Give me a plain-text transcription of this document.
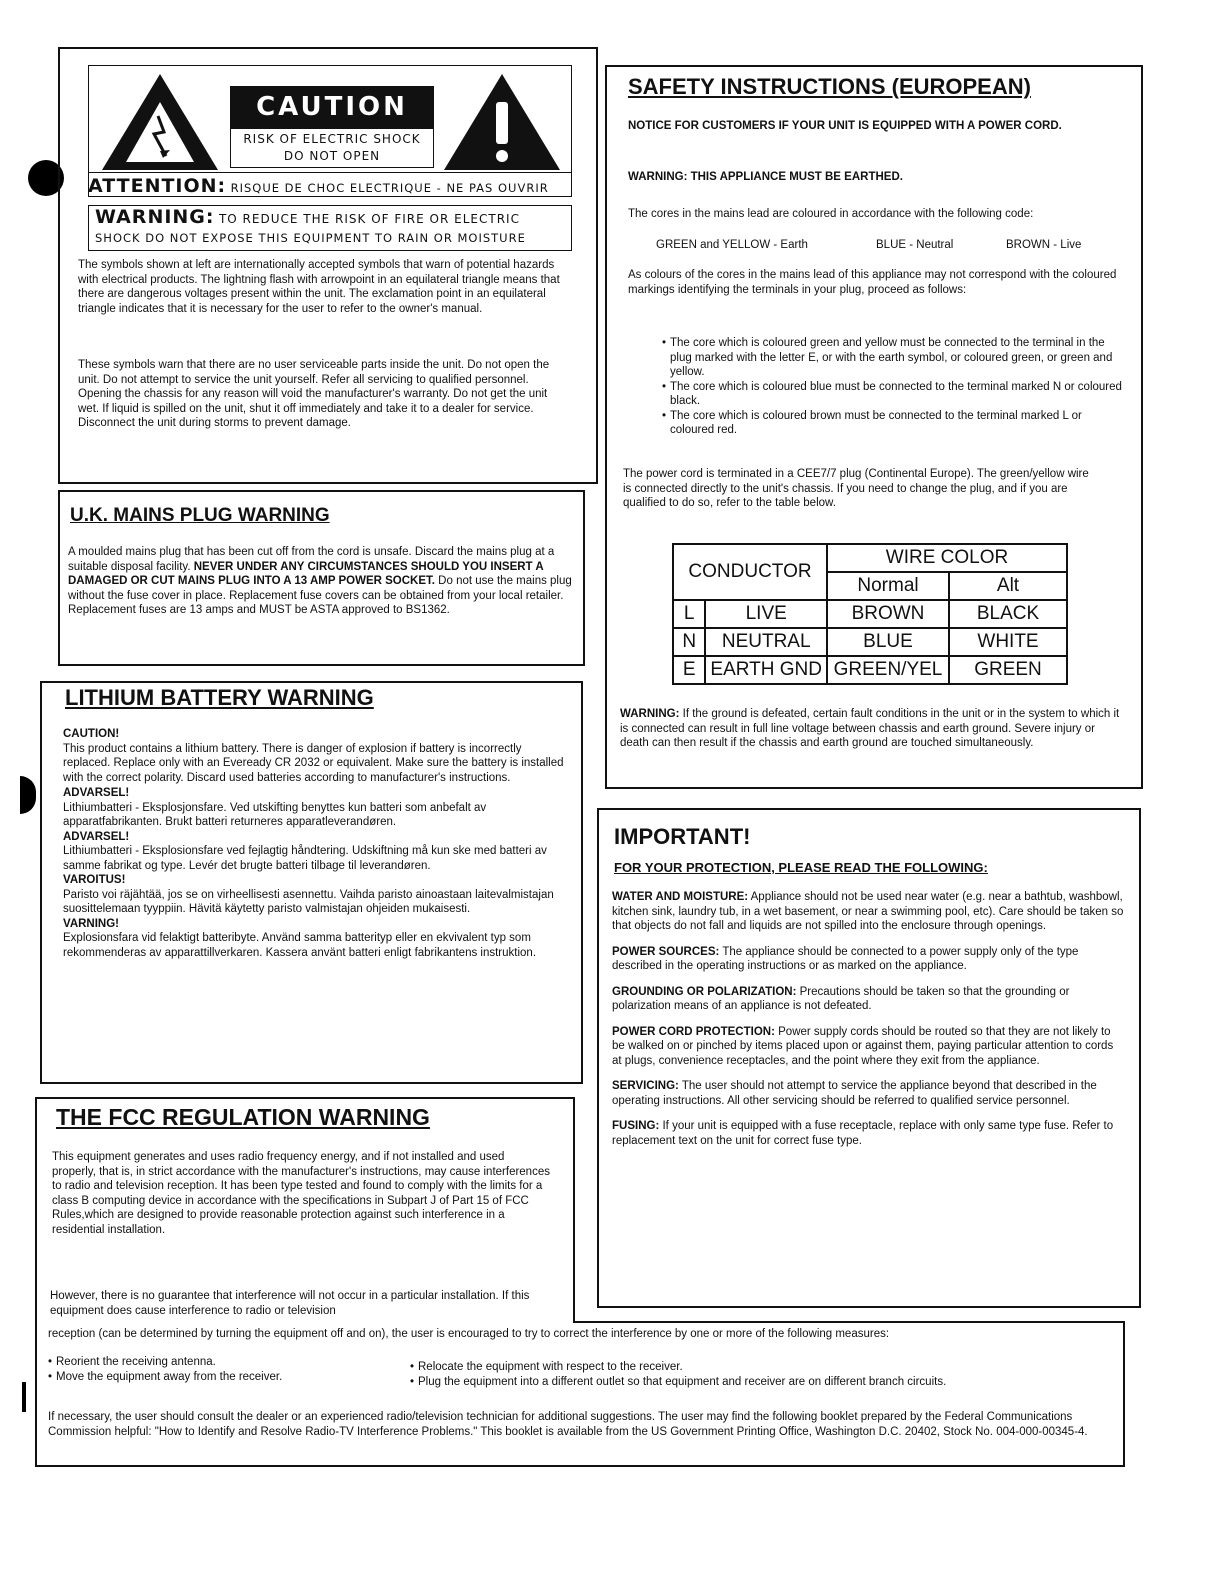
CAUTION
RISK OF ELECTRIC SHOCK
DO NOT OPEN
ATTENTION: RISQUE DE CHOC ELECTRIQUE - NE PAS OUVRIR
WARNING: TO REDUCE THE RISK OF FIRE OR ELECTRIC
SHOCK DO NOT EXPOSE THIS EQUIPMENT TO RAIN OR MOISTURE

The symbols shown at left are internationally accepted symbols that warn of potential hazards with electrical products. The lightning flash with arrowpoint in an equilateral triangle means that there are dangerous voltages present within the unit. The exclamation point in an equilateral triangle indicates that it is necessary for the user to refer to the owner's manual.

These symbols warn that there are no user serviceable parts inside the unit. Do not open the unit. Do not attempt to service the unit yourself. Refer all servicing to qualified personnel. Opening the chassis for any reason will void the manufacturer's warranty. Do not get the unit wet. If liquid is spilled on the unit, shut it off immediately and take it to a dealer for service. Disconnect the unit during storms to prevent damage.

U.K. MAINS PLUG WARNING

A moulded mains plug that has been cut off from the cord is unsafe. Discard the mains plug at a suitable disposal facility. NEVER UNDER ANY CIRCUMSTANCES SHOULD YOU INSERT A DAMAGED OR CUT MAINS PLUG INTO A 13 AMP POWER SOCKET. Do not use the mains plug without the fuse cover in place. Replacement fuse covers can be obtained from your local retailer. Replacement fuses are 13 amps and MUST be ASTA approved to BS1362.

LITHIUM BATTERY WARNING
CAUTION!

This product contains a lithium battery. There is danger of explosion if battery is incorrectly replaced. Replace only with an Eveready CR 2032 or equivalent. Make sure the battery is installed with the correct polarity. Discard used batteries according to manufacturer's instructions.

ADVARSEL!

Lithiumbatteri - Eksplosjonsfare. Ved utskifting benyttes kun batteri som anbefalt av apparatfabrikanten. Brukt batteri returneres apparatleverandøren.

ADVARSEL!

Lithiumbatteri - Eksplosionsfare ved fejlagtig håndtering. Udskiftning må kun ske med batteri av samme fabrikat og type. Levér det brugte batteri tilbage til leverandøren.

VAROITUS!

Paristo voi räjähtää, jos se on virheellisesti asennettu. Vaihda paristo ainoastaan laitevalmistajan suosittelemaan tyyppiin. Hävitä käytetty paristo valmistajan ohjeiden mukaisesti.

VARNING!

Explosionsfara vid felaktigt batteribyte. Använd samma batterityp eller en ekvivalent typ som rekommenderas av apparattillverkaren. Kassera använt batteri enligt fabrikantens instruktion.

SAFETY INSTRUCTIONS (EUROPEAN)

NOTICE FOR CUSTOMERS IF YOUR UNIT IS EQUIPPED WITH A POWER CORD.

WARNING: THIS APPLIANCE MUST BE EARTHED.

The cores in the mains lead are coloured in accordance with the following code:

GREEN and YELLOW - Earth	BLUE - Neutral	BROWN - Live

As colours of the cores in the mains lead of this appliance may not correspond with the coloured markings identifying the terminals in your plug, proceed as follows:

• The core which is coloured green and yellow must be connected to the terminal in the plug marked with the letter E, or with the earth symbol, or coloured green, or green and yellow.
• The core which is coloured blue must be connected to the terminal marked N or coloured black.
• The core which is coloured brown must be connected to the terminal marked L or coloured red.

The power cord is terminated in a CEE7/7 plug (Continental Europe). The green/yellow wire is connected directly to the unit's chassis. If you need to change the plug, and if you are qualified to do so, refer to the table below.

CONDUCTOR		WIRE COLOR	
		Normal	Alt
L	LIVE	BROWN	BLACK
N	NEUTRAL	BLUE	WHITE
E	EARTH GND	GREEN/YEL	GREEN

WARNING: If the ground is defeated, certain fault conditions in the unit or in the system to which it is connected can result in full line voltage between chassis and earth ground. Severe injury or death can then result if the chassis and earth ground are touched simultaneously.

IMPORTANT!
FOR YOUR PROTECTION, PLEASE READ THE FOLLOWING:

WATER AND MOISTURE: Appliance should not be used near water (e.g. near a bathtub, washbowl, kitchen sink, laundry tub, in a wet basement, or near a swimming pool, etc). Care should be taken so that objects do not fall and liquids are not spilled into the enclosure through openings.

POWER SOURCES: The appliance should be connected to a power supply only of the type described in the operating instructions or as marked on the appliance.

GROUNDING OR POLARIZATION: Precautions should be taken so that the grounding or polarization means of an appliance is not defeated.

POWER CORD PROTECTION: Power supply cords should be routed so that they are not likely to be walked on or pinched by items placed upon or against them, paying particular attention to cords at plugs, convenience receptacles, and the point where they exit from the appliance.

SERVICING: The user should not attempt to service the appliance beyond that described in the operating instructions. All other servicing should be referred to qualified service personnel.

FUSING: If your unit is equipped with a fuse receptacle, replace with only same type fuse. Refer to replacement text on the unit for correct fuse type.

THE FCC REGULATION WARNING

This equipment generates and uses radio frequency energy, and if not installed and used properly, that is, in strict accordance with the manufacturer's instructions, may cause interferences to radio and television reception. It has been type tested and found to comply with the limits for a class B computing device in accordance with the specifications in Subpart J of Part 15 of FCC Rules,which are designed to provide reasonable protection against such interference in a residential installation.

However, there is no guarantee that interference will not occur in a particular installation. If this equipment does cause interference to radio or television

reception (can be determined by turning the equipment off and on), the user is encouraged to try to correct the interference by one or more of the following measures:

• Reorient the receiving antenna.
• Move the equipment away from the receiver.
• Relocate the equipment with respect to the receiver.
• Plug the equipment into a different outlet so that equipment and receiver are on different branch circuits.

If necessary, the user should consult the dealer or an experienced radio/television technician for additional suggestions. The user may find the following booklet prepared by the Federal Communications Commission helpful: "How to Identify and Resolve Radio-TV Interference Problems." This booklet is available from the US Government Printing Office, Washington D.C. 20402, Stock No. 004-000-00345-4.
